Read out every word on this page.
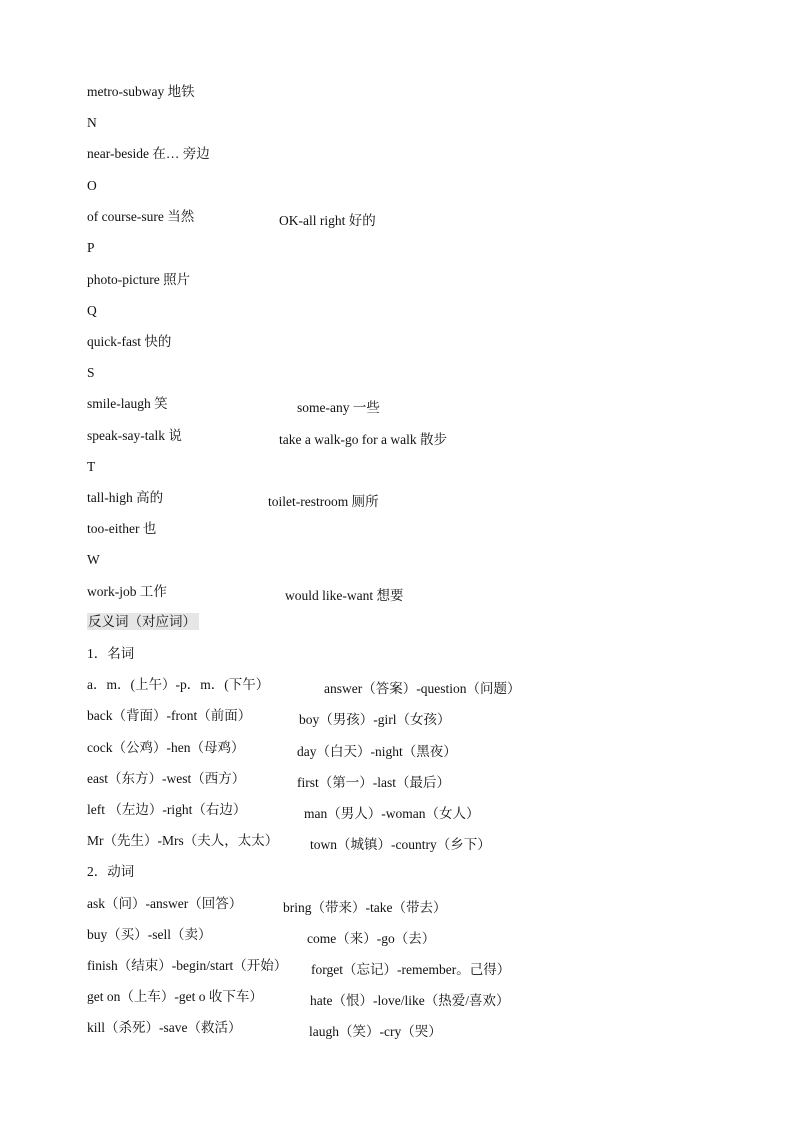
metro-subway 地铁
N
near-beside 在… 旁边
O
of course-sure 当然	OK-all right 好的
P
photo-picture 照片
Q
quick-fast 快的
S
smile-laugh 笑	some-any 一些
speak-say-talk 说	take a walk-go for a walk 散步
T
tall-high 高的	toilet-restroom 厕所
too-either 也
W
work-job 工作	would like-want 想要
反义词（对应词）
1．名词
a．m．(上午）-p．m．(下午）	answer（答案）-question（问题）
back（背面）-front（前面）	boy（男孩）-girl（女孩）
cock（公鸡）-hen（母鸡）	day（白天）-night（黑夜）
east（东方）-west（西方）	first（第一）-last（最后）
left （左边）-right（右边）	man（男人）-woman（女人）
Mr（先生）-Mrs（夫人，太太） town（城镇）-country（乡下）
2．动词
ask（问）-answer（回答）	bring（带来）-take（带去）
buy（买）-sell（卖）	come（来）-go（去）
finish（结束）-begin/start（开始） forget（忘记）-remember。己得）
get on（上车）-get o 收下车）	hate（恨）-love/like（热爱/喜欢）
kill（杀死）-save（救活）	laugh（笑）-cry（哭）
